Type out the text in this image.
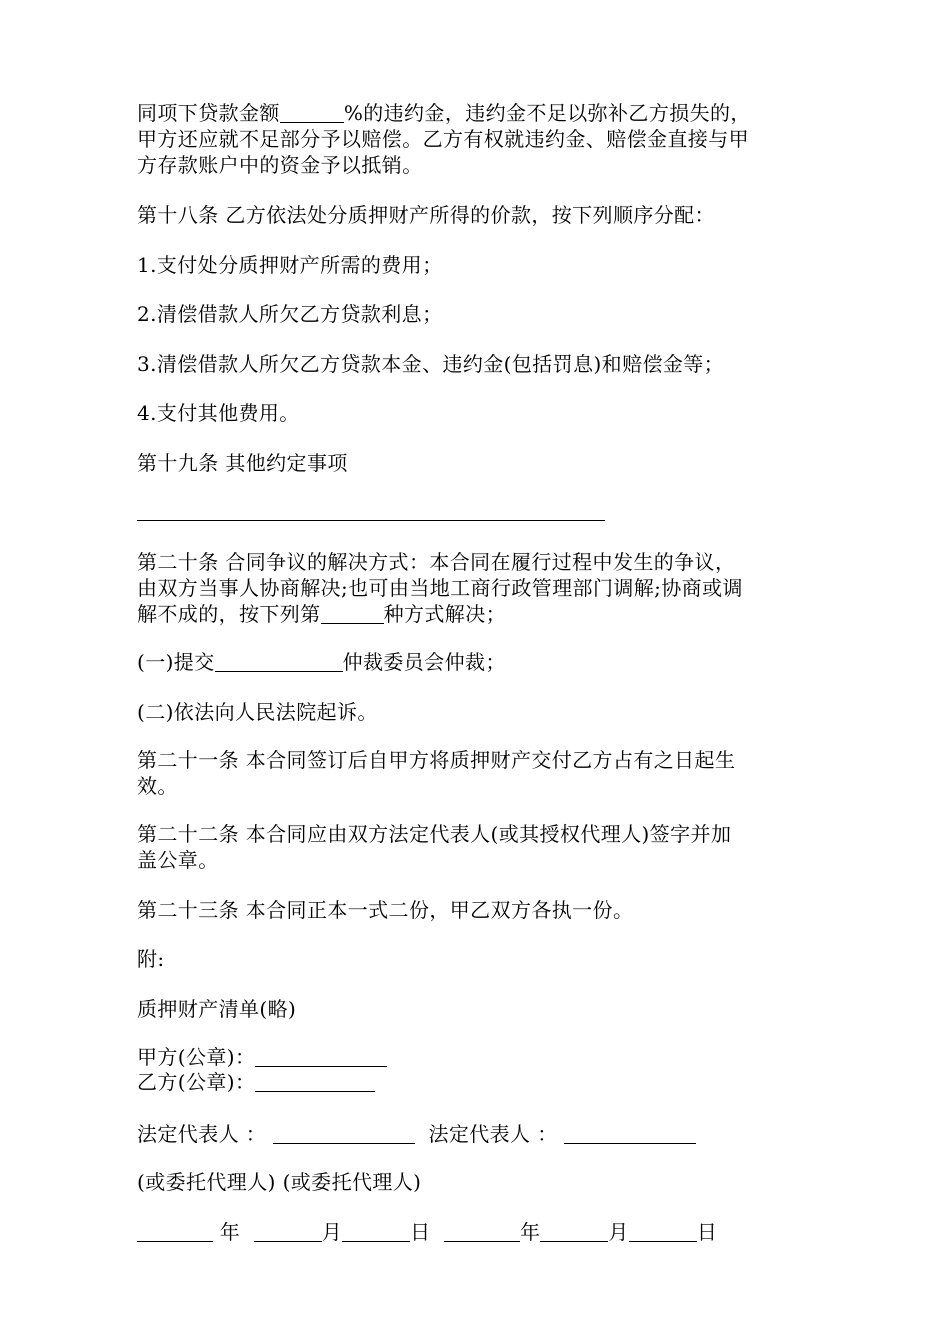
同项下贷款金额	%的违约金，违约金不足以弥补乙方损失的，
甲方还应就不足部分予以赔偿。乙方有权就违约金、赔偿金直接与甲
方存款账户中的资金予以抵销。
第十八条 乙方依法处分质押财产所得的价款，按下列顺序分配：
1.支付处分质押财产所需的费用；
2.清偿借款人所欠乙方贷款利息；
3.清偿借款人所欠乙方贷款本金、违约金(包括罚息)和赔偿金等；
4.支付其他费用。
第十九条 其他约定事项
第二十条 合同争议的解决方式：本合同在履行过程中发生的争议，
由双方当事人协商解决;也可由当地工商行政管理部门调解;协商或调
解不成的，按下列第	种方式解决；
(一)提交	仲裁委员会仲裁；
(二)依法向人民法院起诉。
第二十一条 本合同签订后自甲方将质押财产交付乙方占有之日起生
效。
第二十二条 本合同应由双方法定代表人(或其授权代理人)签字并加
盖公章。
第二十三条 本合同正本一式二份，甲乙双方各执一份。
附:
质押财产清单(略)
甲方(公章)：
乙方(公章)：
法定代表人 ：	法定代表人 ：
(或委托代理人) (或委托代理人)
年	月	日	年	月	日
